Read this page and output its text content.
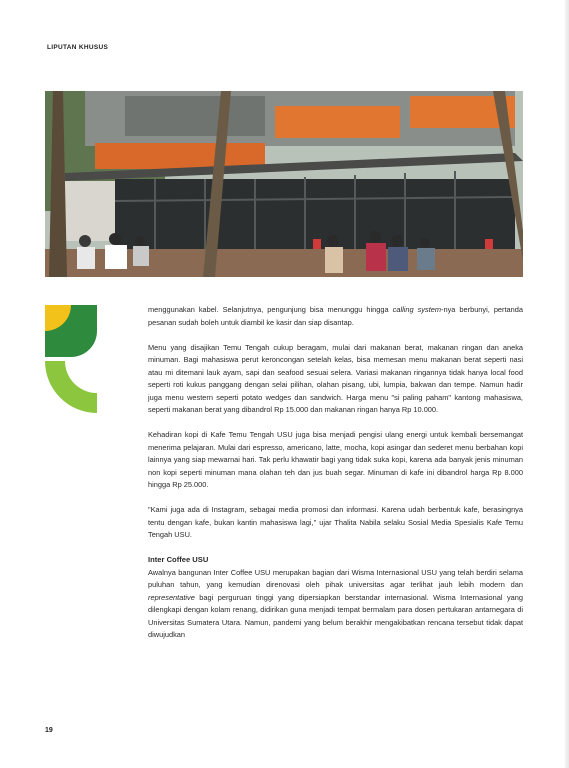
LIPUTAN KHUSUS

menggunakan kabel. Selanjutnya, pengunjung bisa menunggu hingga calling system-nya berbunyi, pertanda pesanan sudah boleh untuk diambil ke kasir dan siap disantap.

Menu yang disajikan Temu Tengah cukup beragam, mulai dari makanan berat, makanan ringan dan aneka minuman. Bagi mahasiswa perut keroncongan setelah kelas, bisa memesan menu makanan berat seperti nasi atau mi ditemani lauk ayam, sapi dan seafood sesuai selera. Variasi makanan ringannya tidak hanya local food seperti roti kukus panggang dengan selai pilihan, olahan pisang, ubi, lumpia, bakwan dan tempe. Namun hadir juga menu western seperti potato wedges dan sandwich. Harga menu "si paling paham" kantong mahasiswa, seperti makanan berat yang dibandrol Rp 15.000 dan makanan ringan hanya Rp 10.000.

Kehadiran kopi di Kafe Temu Tengah USU juga bisa menjadi pengisi ulang energi untuk kembali bersemangat menerima pelajaran. Mulai dari espresso, americano, latte, mocha, kopi asingar dan sederet menu berbahan kopi lainnya yang siap mewarnai hari. Tak perlu khawatir bagi yang tidak suka kopi, karena ada banyak jenis minuman non kopi seperti minuman mana olahan teh dan jus buah segar. Minuman di kafe ini dibandrol harga Rp 8.000 hingga Rp 25.000.

"Kami juga ada di Instagram, sebagai media promosi dan informasi. Karena udah berbentuk kafe, berasingnya tentu dengan kafe, bukan kantin mahasiswa lagi," ujar Thalita Nabila selaku Sosial Media Spesialis Kafe Temu Tengah USU.

Inter Coffee USU

Awalnya bangunan Inter Coffee USU merupakan bagian dari Wisma Internasional USU yang telah berdiri selama puluhan tahun, yang kemudian direnovasi oleh pihak universitas agar terlihat jauh lebih modern dan representative bagi perguruan tinggi yang dipersiapkan berstandar internasional. Wisma Internasional yang dilengkapi dengan kolam renang, didirikan guna menjadi tempat bermalam para dosen pertukaran antarnegara di Universitas Sumatera Utara. Namun, pandemi yang belum berakhir mengakibatkan rencana tersebut tidak dapat diwujudkan

19
